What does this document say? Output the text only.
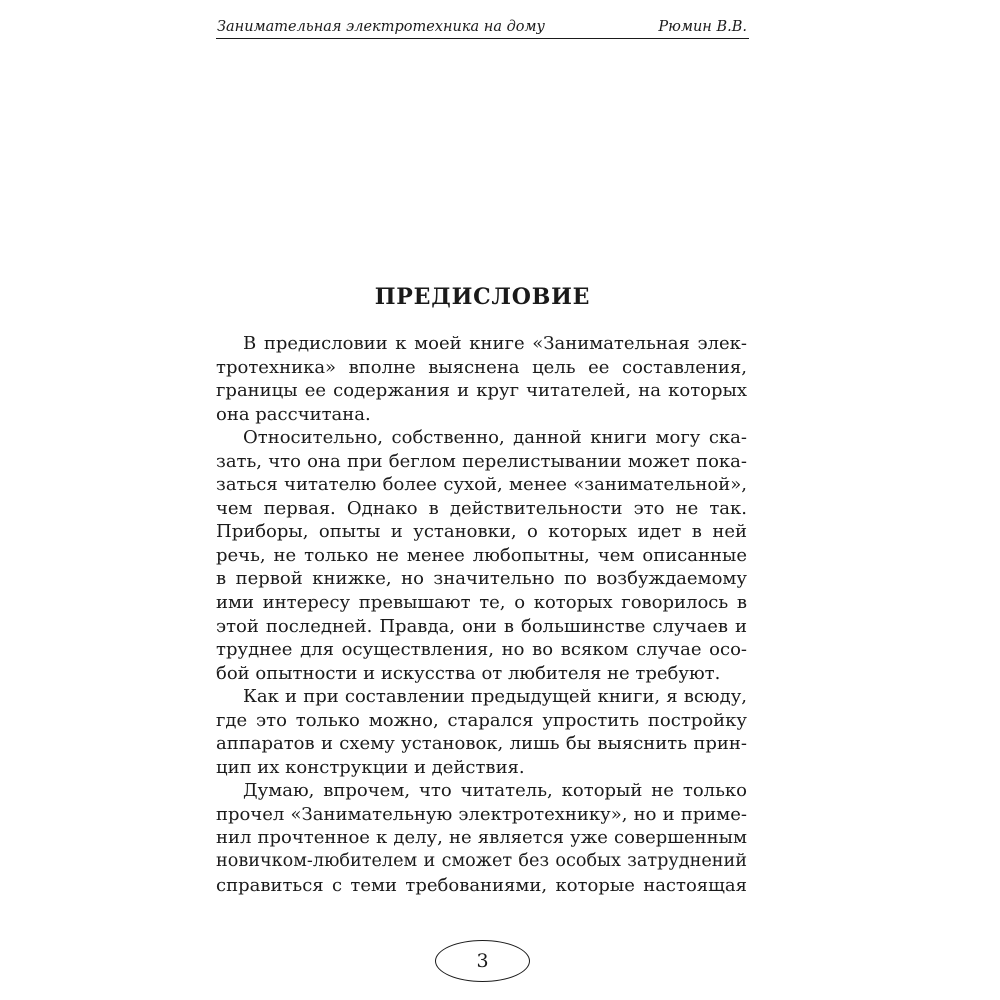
Занимательная электротехника на дому	Рюмин В.В.
ПРЕДИСЛОВИЕ
В предисловии к моей книге «Занимательная элек-
тротехника» вполне выяснена цель ее составления,
границы ее содержания и круг читателей, на которых
она рассчитана.
Относительно, собственно, данной книги могу ска-
зать, что она при беглом перелистывании может пока-
заться читателю более сухой, менее «занимательной»,
чем первая. Однако в действительности это не так.
Приборы, опыты и установки, о которых идет в ней
речь, не только не менее любопытны, чем описанные
в первой книжке, но значительно по возбуждаемому
ими интересу превышают те, о которых говорилось в
этой последней. Правда, они в большинстве случаев и
труднее для осуществления, но во всяком случае осо-
бой опытности и искусства от любителя не требуют.
Как и при составлении предыдущей книги, я всюду,
где это только можно, старался упростить постройку
аппаратов и схему установок, лишь бы выяснить прин-
цип их конструкции и действия.
Думаю, впрочем, что читатель, который не только
прочел «Занимательную электротехнику», но и приме-
нил прочтенное к делу, не является уже совершенным
новичком-любителем и сможет без особых затруднений
справиться с теми требованиями, которые настоящая
3
